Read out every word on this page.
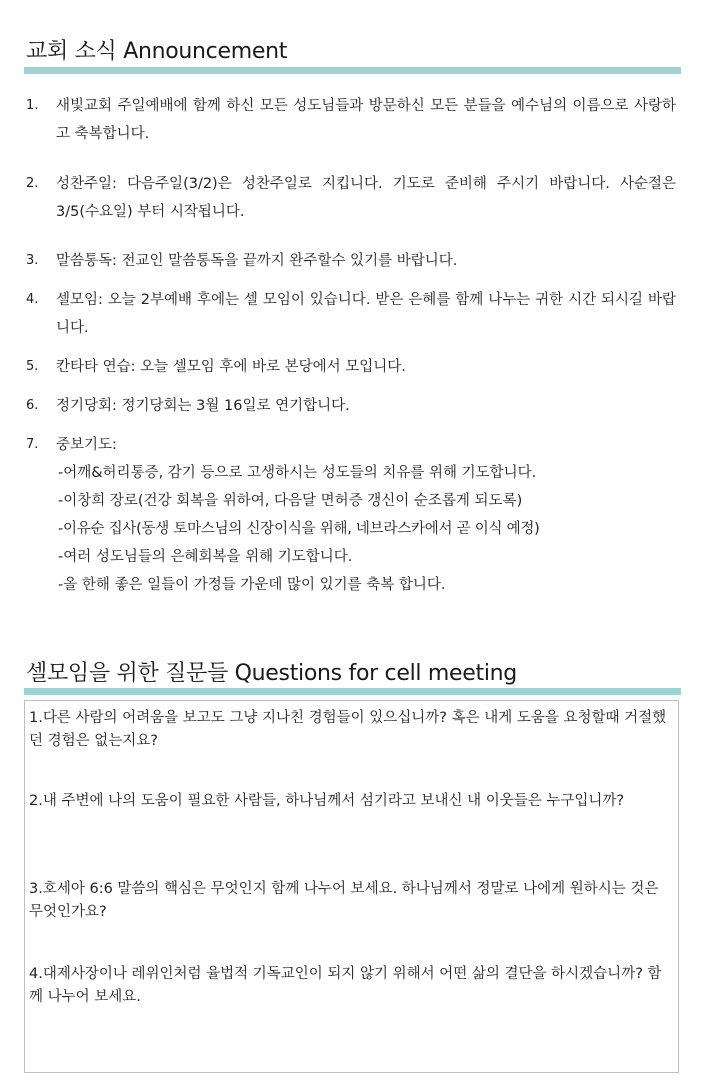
교회 소식 Announcement
1. 새빛교회 주일예배에 함께 하신 모든 성도님들과 방문하신 모든 분들을 예수님의 이름으로 사랑하고 축복합니다.
2. 성찬주일: 다음주일(3/2)은 성찬주일로 지킵니다. 기도로 준비해 주시기 바랍니다. 사순절은 3/5(수요일) 부터 시작됩니다.
3. 말씀통독: 전교인 말씀통독을 끝까지 완주할수 있기를 바랍니다.
4. 셀모임: 오늘 2부예배 후에는 셀 모임이 있습니다. 받은 은혜를 함께 나누는 귀한 시간 되시길 바랍니다.
5. 칸타타 연습: 오늘 셀모임 후에 바로 본당에서 모입니다.
6. 정기당회: 정기당회는 3월 16일로 연기합니다.
7. 중보기도:
-어깨&허리통증, 감기 등으로 고생하시는 성도들의 치유를 위해 기도합니다.
-이창희 장로(건강 회복을 위하여, 다음달 면허증 갱신이 순조롭게 되도록)
-이유순 집사(동생 토마스님의 신장이식을 위해, 네브라스카에서 곧 이식 예정)
-여러 성도님들의 은혜회복을 위해 기도합니다.
-올 한해 좋은 일들이 가정들 가운데 많이 있기를 축복 합니다.
셀모임을 위한 질문들 Questions for cell meeting
1.다른 사람의 어려움을 보고도 그냥 지나친 경험들이 있으십니까? 혹은 내게 도움을 요청할때 거절했던 경험은 없는지요?
2.내 주변에 나의 도움이 필요한 사람들, 하나님께서 섬기라고 보내신 내 이웃들은 누구입니까?
3.호세아 6:6 말씀의 핵심은 무엇인지 함께 나누어 보세요. 하나님께서 정말로 나에게 원하시는 것은 무엇인가요?
4.대제사장이나 레위인처럼 율법적 기독교인이 되지 않기 위해서 어떤 삶의 결단을 하시겠습니까? 함께 나누어 보세요.
